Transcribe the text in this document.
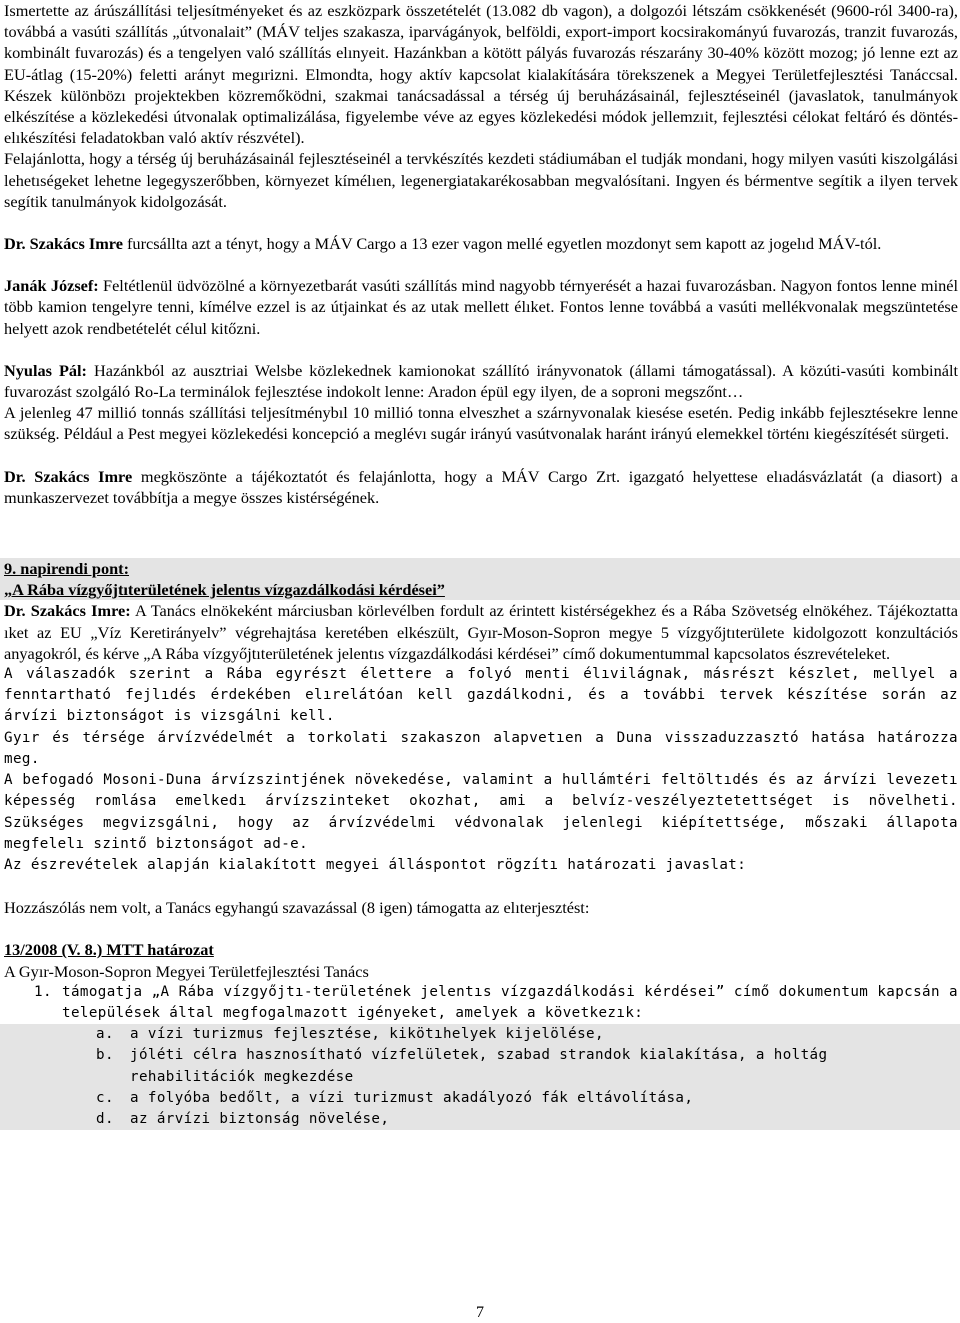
Ismertette az árúszállítási teljesítményeket és az eszközpark összetételét (13.082 db vagon), a dolgozói létszám csökkenését (9600-ról 3400-ra), továbbá a vasúti szállítás „útvonalait” (MÁV teljes szakasza, iparvágányok, belföldi, export-import kocsirakományú fuvarozás, tranzit fuvarozás, kombinált fuvarozás) és a tengelyen való szállítás elınyeit. Hazánkban a kötött pályás fuvarozás részarány 30-40% között mozog; jó lenne ezt az EU-átlag (15-20%) feletti arányt megırizni. Elmondta, hogy aktív kapcsolat kialakítására törekszenek a Megyei Területfejlesztési Tanáccsal. Készek különbözı projektekben közremőködni, szakmai tanácsadással a térség új beruházásainál, fejlesztéseinél (javaslatok, tanulmányok elkészítése a közlekedési útvonalak optimalizálása, figyelembe véve az egyes közlekedési módok jellemzıit, fejlesztési célokat feltáró és döntés-elıkészítési feladatokban való aktív részvétel).

Felajánlotta, hogy a térség új beruházásainál fejlesztéseinél a tervkészítés kezdeti stádiumában el tudják mondani, hogy milyen vasúti kiszolgálási lehetıségeket lehetne legegyszerőbben, környezet kímélıen, legenergiatakarékosabban megvalósítani. Ingyen és bérmentve segítik a ilyen tervek segítik tanulmányok kidolgozását.

Dr. Szakács Imre furcsállta azt a tényt, hogy a MÁV Cargo a 13 ezer vagon mellé egyetlen mozdonyt sem kapott az jogelıd MÁV-tól.

Janák József: Feltétlenül üdvözölné a környezetbarát vasúti szállítás mind nagyobb térnyerését a hazai fuvarozásban. Nagyon fontos lenne minél több kamion tengelyre tenni, kímélve ezzel is az útjainkat és az utak mellett élıket. Fontos lenne továbbá a vasúti mellékvonalak megszüntetése helyett azok rendbetételét célul kitőzni.

Nyulas Pál: Hazánkból az ausztriai Welsbe közlekednek kamionokat szállító irányvonatok (állami támogatással). A közúti-vasúti kombinált fuvarozást szolgáló Ro-La terminálok fejlesztése indokolt lenne: Aradon épül egy ilyen, de a soproni megszőnt…

A jelenleg 47 millió tonnás szállítási teljesítménybıl 10 millió tonna elveszhet a szárnyvonalak kiesése esetén. Pedig inkább fejlesztésekre lenne szükség. Például a Pest megyei közlekedési koncepció a meglévı sugár irányú vasútvonalak haránt irányú elemekkel történı kiegészítését sürgeti.

Dr. Szakács Imre megköszönte a tájékoztatót és felajánlotta, hogy a MÁV Cargo Zrt. igazgató helyettese elıadásvázlatát (a diasort) a munkaszervezet továbbítja a megye összes kistérségének.

9. napirendi pont:

„A Rába vízgyőjtıterületének jelentıs vízgazdálkodási kérdései”

Dr. Szakács Imre: A Tanács elnökeként márciusban körlevélben fordult az érintett kistérségekhez és a Rába Szövetség elnökéhez. Tájékoztatta ıket az EU „Víz Keretirányelv” végrehajtása keretében elkészült, Gyır-Moson-Sopron megye 5 vízgyőjtıterülete kidolgozott konzultációs anyagokról, és kérve „A Rába vízgyőjtıterületének jelentıs vízgazdálkodási kérdései” címő dokumentummal kapcsolatos észrevételeket.

A válaszadók szerint a Rába egyrészt élettere a folyó menti élıvilágnak, másrészt készlet, mellyel a fenntartható fejlıdés érdekében elırelátóan kell gazdálkodni, és a további tervek készítése során az árvízi biztonságot is vizsgálni kell.

Gyır és térsége árvízvédelmét a torkolati szakaszon alapvetıen a Duna visszaduzzasztó hatása határozza meg.

A befogadó Mosoni-Duna árvízszintjének növekedése, valamint a hullámtéri feltöltıdés és az árvízi levezetı képesség romlása emelkedı árvízszinteket okozhat, ami a belvíz-veszélyeztetettséget is növelheti. Szükséges megvizsgálni, hogy az árvízvédelmi védvonalak jelenlegi kiépítettsége, mőszaki állapota megfelelı szintő biztonságot ad-e.

Az észrevételek alapján kialakított megyei álláspontot rögzítı határozati javaslat:

Hozzászólás nem volt, a Tanács egyhangú szavazással (8 igen) támogatta az elıterjesztést:

13/2008 (V. 8.) MTT határozat

A Gyır-Moson-Sopron Megyei Területfejlesztési Tanács

1. támogatja „A Rába vízgyőjtı-területének jelentıs vízgazdálkodási kérdései” címő dokumentum kapcsán a települések által megfogalmazott igényeket, amelyek a következık:
a.	a vízi turizmus fejlesztése, kikötıhelyek kijelölése,
b.	jóléti célra hasznosítható vízfelületek, szabad strandok kialakítása, a holtág rehabilitációk megkezdése
c.	a folyóba bedőlt, a vízi turizmust akadályozó fák eltávolítása,
d.	az árvízi biztonság növelése,
7
